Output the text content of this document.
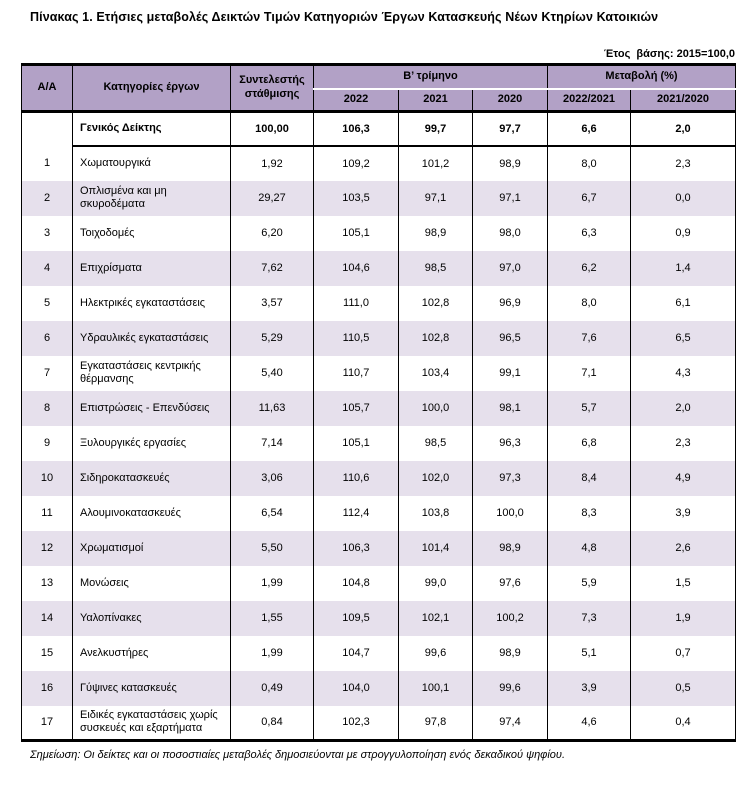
Πίνακας 1. Ετήσιες μεταβολές Δεικτών Τιμών Κατηγοριών Έργων Κατασκευής Νέων Κτηρίων Κατοικιών
Έτος  βάσης: 2015=100,0
Α/Α	Κατηγορίες έργων	Συντελεστής στάθμισης	Β’ τρίμηνο			Μεταβολή (%)	
			2022	2021	2020	2022/2021	2021/2020
	Γενικός Δείκτης	100,00	106,3	99,7	97,7	6,6	2,0
1	Χωματουργικά	1,92	109,2	101,2	98,9	8,0	2,3
2	Οπλισμένα και μη σκυροδέματα	29,27	103,5	97,1	97,1	6,7	0,0
3	Τοιχοδομές	6,20	105,1	98,9	98,0	6,3	0,9
4	Επιχρίσματα	7,62	104,6	98,5	97,0	6,2	1,4
5	Ηλεκτρικές εγκαταστάσεις	3,57	111,0	102,8	96,9	8,0	6,1
6	Υδραυλικές εγκαταστάσεις	5,29	110,5	102,8	96,5	7,6	6,5
7	Εγκαταστάσεις κεντρικής θέρμανσης	5,40	110,7	103,4	99,1	7,1	4,3
8	Επιστρώσεις - Επενδύσεις	11,63	105,7	100,0	98,1	5,7	2,0
9	Ξυλουργικές εργασίες	7,14	105,1	98,5	96,3	6,8	2,3
10	Σιδηροκατασκευές	3,06	110,6	102,0	97,3	8,4	4,9
11	Αλουμινοκατασκευές	6,54	112,4	103,8	100,0	8,3	3,9
12	Χρωματισμοί	5,50	106,3	101,4	98,9	4,8	2,6
13	Μονώσεις	1,99	104,8	99,0	97,6	5,9	1,5
14	Υαλοπίνακες	1,55	109,5	102,1	100,2	7,3	1,9
15	Ανελκυστήρες	1,99	104,7	99,6	98,9	5,1	0,7
16	Γύψινες κατασκευές	0,49	104,0	100,1	99,6	3,9	0,5
17	Ειδικές εγκαταστάσεις χωρίς συσκευές και εξαρτήματα	0,84	102,3	97,8	97,4	4,6	0,4
Σημείωση: Οι δείκτες και οι ποσοστιαίες μεταβολές δημοσιεύονται με στρογγυλοποίηση ενός δεκαδικού ψηφίου.
